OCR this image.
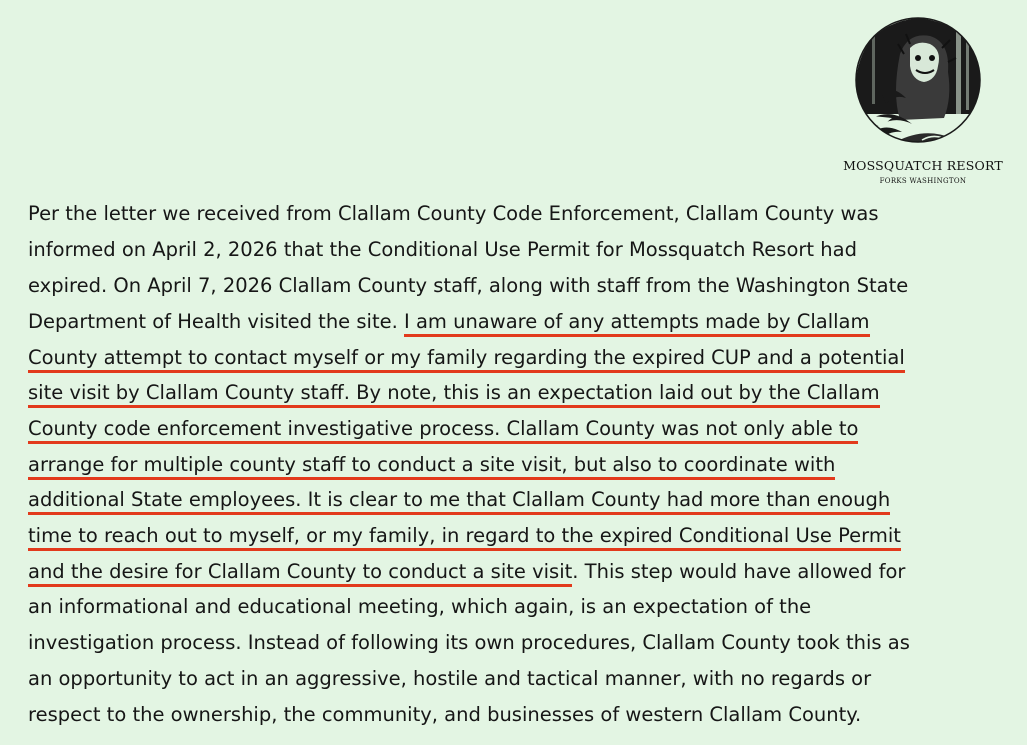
MOSSQUATCH RESORT
FORKS WASHINGTON
Per the letter we received from Clallam County Code Enforcement, Clallam County was
informed on April 2, 2026 that the Conditional Use Permit for Mossquatch Resort had
expired. On April 7, 2026 Clallam County staff, along with staff from the Washington State
Department of Health visited the site. I am unaware of any attempts made by Clallam
County attempt to contact myself or my family regarding the expired CUP and a potential
site visit by Clallam County staff. By note, this is an expectation laid out by the Clallam
County code enforcement investigative process. Clallam County was not only able to
arrange for multiple county staff to conduct a site visit, but also to coordinate with
additional State employees. It is clear to me that Clallam County had more than enough
time to reach out to myself, or my family, in regard to the expired Conditional Use Permit
and the desire for Clallam County to conduct a site visit. This step would have allowed for
an informational and educational meeting, which again, is an expectation of the
investigation process. Instead of following its own procedures, Clallam County took this as
an opportunity to act in an aggressive, hostile and tactical manner, with no regards or
respect to the ownership, the community, and businesses of western Clallam County.
